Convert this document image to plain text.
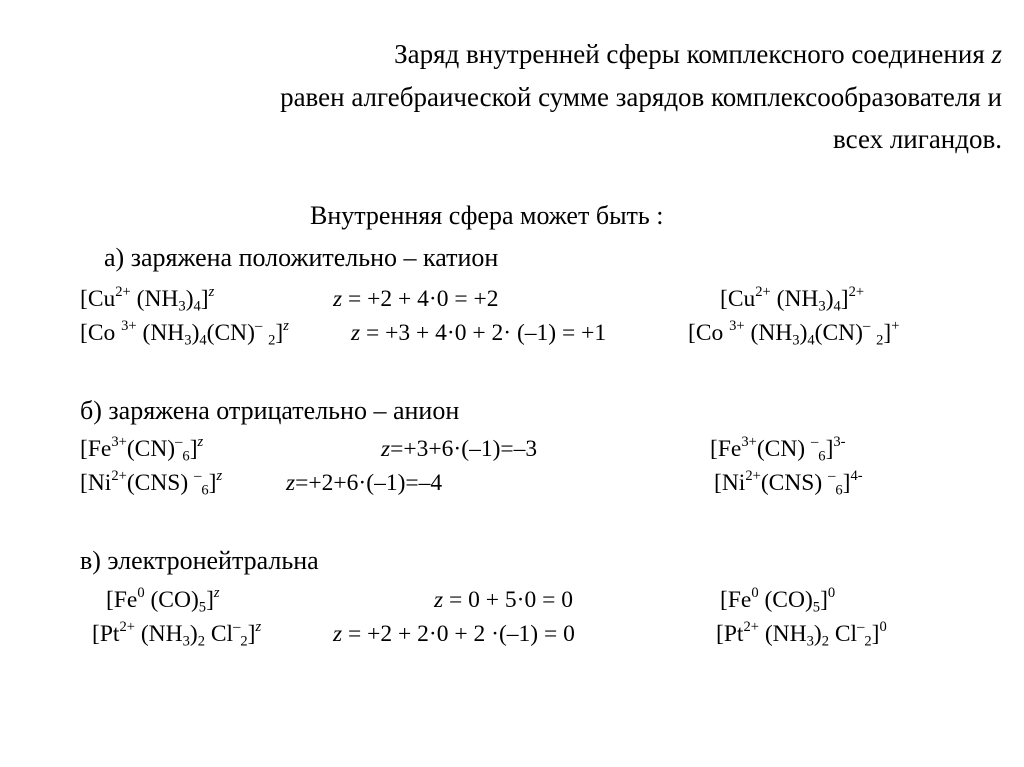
Заряд внутренней сферы комплексного соединения z
равен алгебраической сумме зарядов комплексообразователя и
всех лигандов.
Внутренняя сфера может быть :
а) заряжена положительно – катион
[$Cu^{2+}$ $(NH_3)_4]^z$	z = +2 + 4·0 = +2	[$Cu^{2+}$ $(NH_3)_4]^{2+}$
[Co $^{3+}$ $(NH_3)_4(CN)^-$ $_2$]$^z$	z = +3 + 4·0 + 2· (–1) = +1	[Co $^{3+}$ $(NH_3)_4(CN)^-$ $_2$]+
б) заряжена отрицательно – анион
$[Fe^{3+}(CN)^-_6]^z$	z=+3+6·(–1)=–3	[$Fe^{3+}(CN)$ –$_6$]$^{3-}$
[$Ni^{2+}(CNS)$ –$_6$]$^z$	z=+2+6·(–1)=–4	[$Ni^{2+}(CNS)$ –$_6$]$^{4-}$
в) электронейтральна
[Fe$^0$ $(CO)_5]^z$	z = 0 + 5·0 = 0	[Fe$^0$ $(CO)_5]^0$
[$Pt^{2+}$ $(NH_3)_2$ $Cl^-_2]^z$	z = +2 + 2·0 + 2 ·(–1) = 0	[$Pt^{2+}$ $(NH_3)_2$ $Cl^-_2]^0$
